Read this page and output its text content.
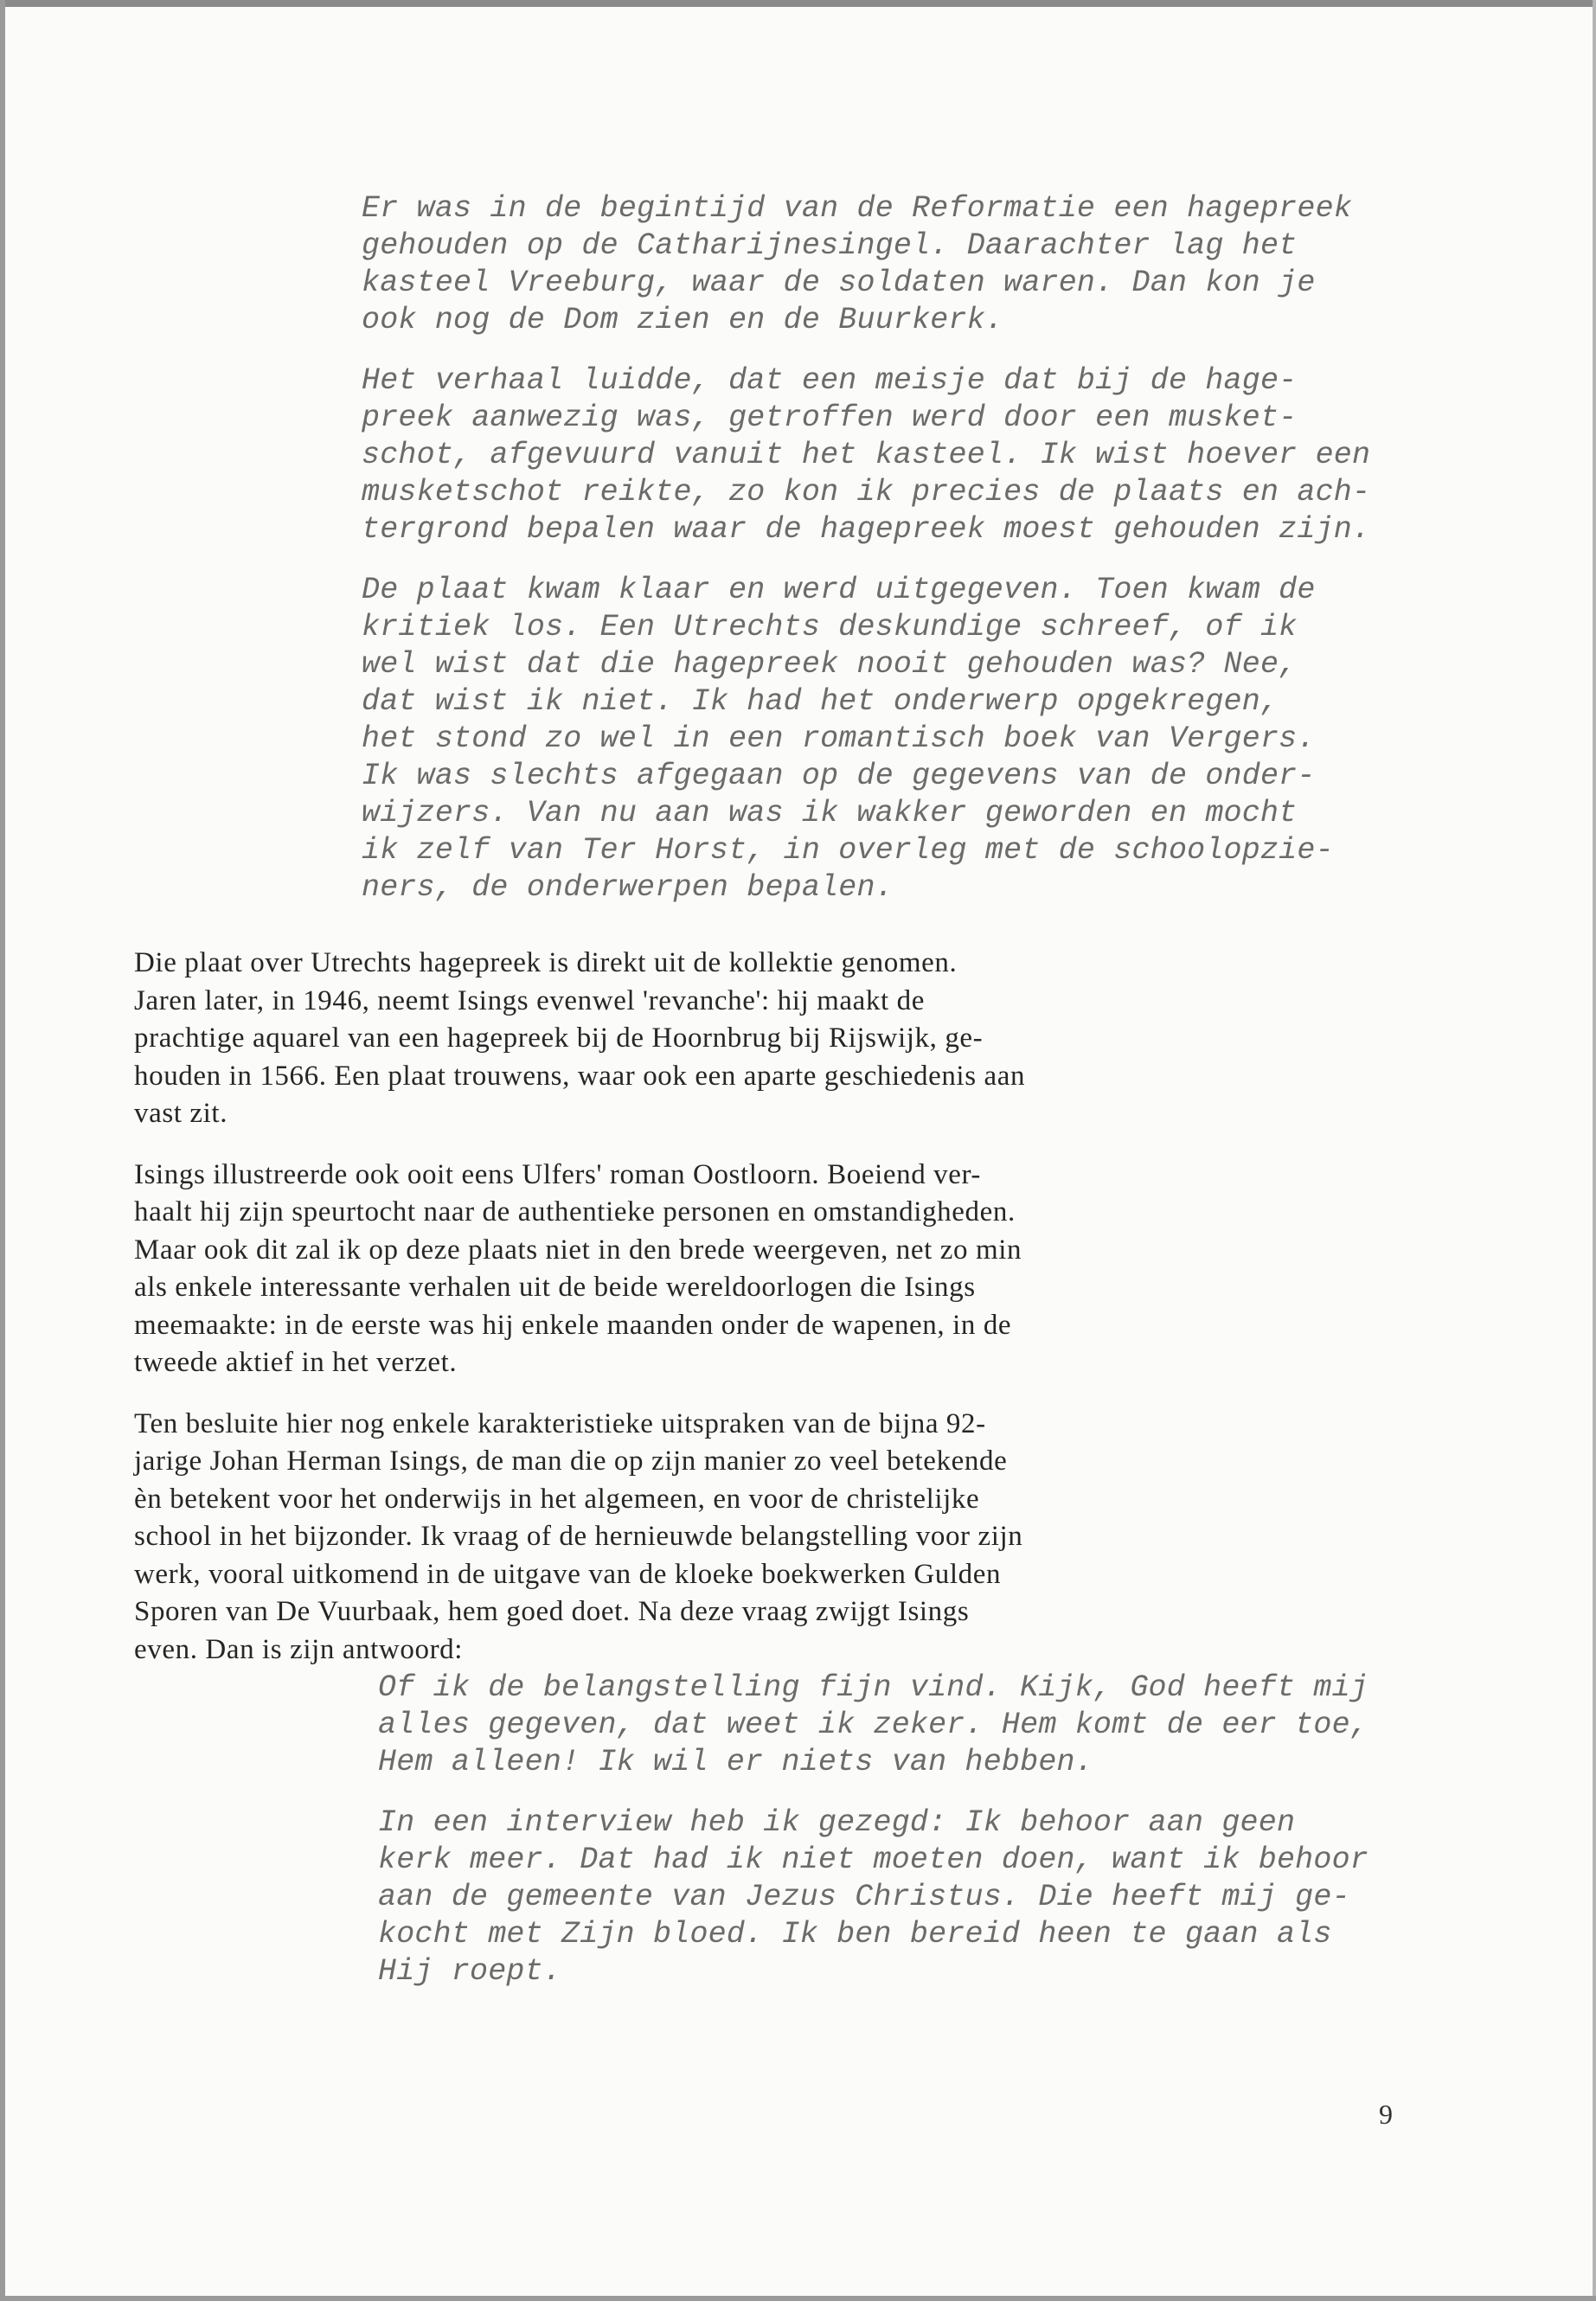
Er was in de begintijd van de Reformatie een hagepreek
gehouden op de Catharijnesingel. Daarachter lag het
kasteel Vreeburg, waar de soldaten waren. Dan kon je
ook nog de Dom zien en de Buurkerk.

Het verhaal luidde, dat een meisje dat bij de hage-
preek aanwezig was, getroffen werd door een musket-
schot, afgevuurd vanuit het kasteel. Ik wist hoever een
musketschot reikte, zo kon ik precies de plaats en ach-
tergrond bepalen waar de hagepreek moest gehouden zijn.

De plaat kwam klaar en werd uitgegeven. Toen kwam de
kritiek los. Een Utrechts deskundige schreef, of ik
wel wist dat die hagepreek nooit gehouden was? Nee,
dat wist ik niet. Ik had het onderwerp opgekregen,
het stond zo wel in een romantisch boek van Vergers.
Ik was slechts afgegaan op de gegevens van de onder-
wijzers. Van nu aan was ik wakker geworden en mocht
ik zelf van Ter Horst, in overleg met de schoolopzie-
ners, de onderwerpen bepalen.

Die plaat over Utrechts hagepreek is direkt uit de kollektie genomen.
Jaren later, in 1946, neemt Isings evenwel 'revanche': hij maakt de
prachtige aquarel van een hagepreek bij de Hoornbrug bij Rijswijk, ge-
houden in 1566. Een plaat trouwens, waar ook een aparte geschiedenis aan
vast zit.

Isings illustreerde ook ooit eens Ulfers' roman Oostloorn. Boeiend ver-
haalt hij zijn speurtocht naar de authentieke personen en omstandigheden.
Maar ook dit zal ik op deze plaats niet in den brede weergeven, net zo min
als enkele interessante verhalen uit de beide wereldoorlogen die Isings
meemaakte: in de eerste was hij enkele maanden onder de wapenen, in de
tweede aktief in het verzet.

Ten besluite hier nog enkele karakteristieke uitspraken van de bijna 92-
jarige Johan Herman Isings, de man die op zijn manier zo veel betekende
èn betekent voor het onderwijs in het algemeen, en voor de christelijke
school in het bijzonder. Ik vraag of de hernieuwde belangstelling voor zijn
werk, vooral uitkomend in de uitgave van de kloeke boekwerken Gulden
Sporen van De Vuurbaak, hem goed doet. Na deze vraag zwijgt Isings
even. Dan is zijn antwoord:

Of ik de belangstelling fijn vind. Kijk, God heeft mij
alles gegeven, dat weet ik zeker. Hem komt de eer toe,
Hem alleen! Ik wil er niets van hebben.

In een interview heb ik gezegd: Ik behoor aan geen
kerk meer. Dat had ik niet moeten doen, want ik behoor
aan de gemeente van Jezus Christus. Die heeft mij ge-
kocht met Zijn bloed. Ik ben bereid heen te gaan als
Hij roept.

9
